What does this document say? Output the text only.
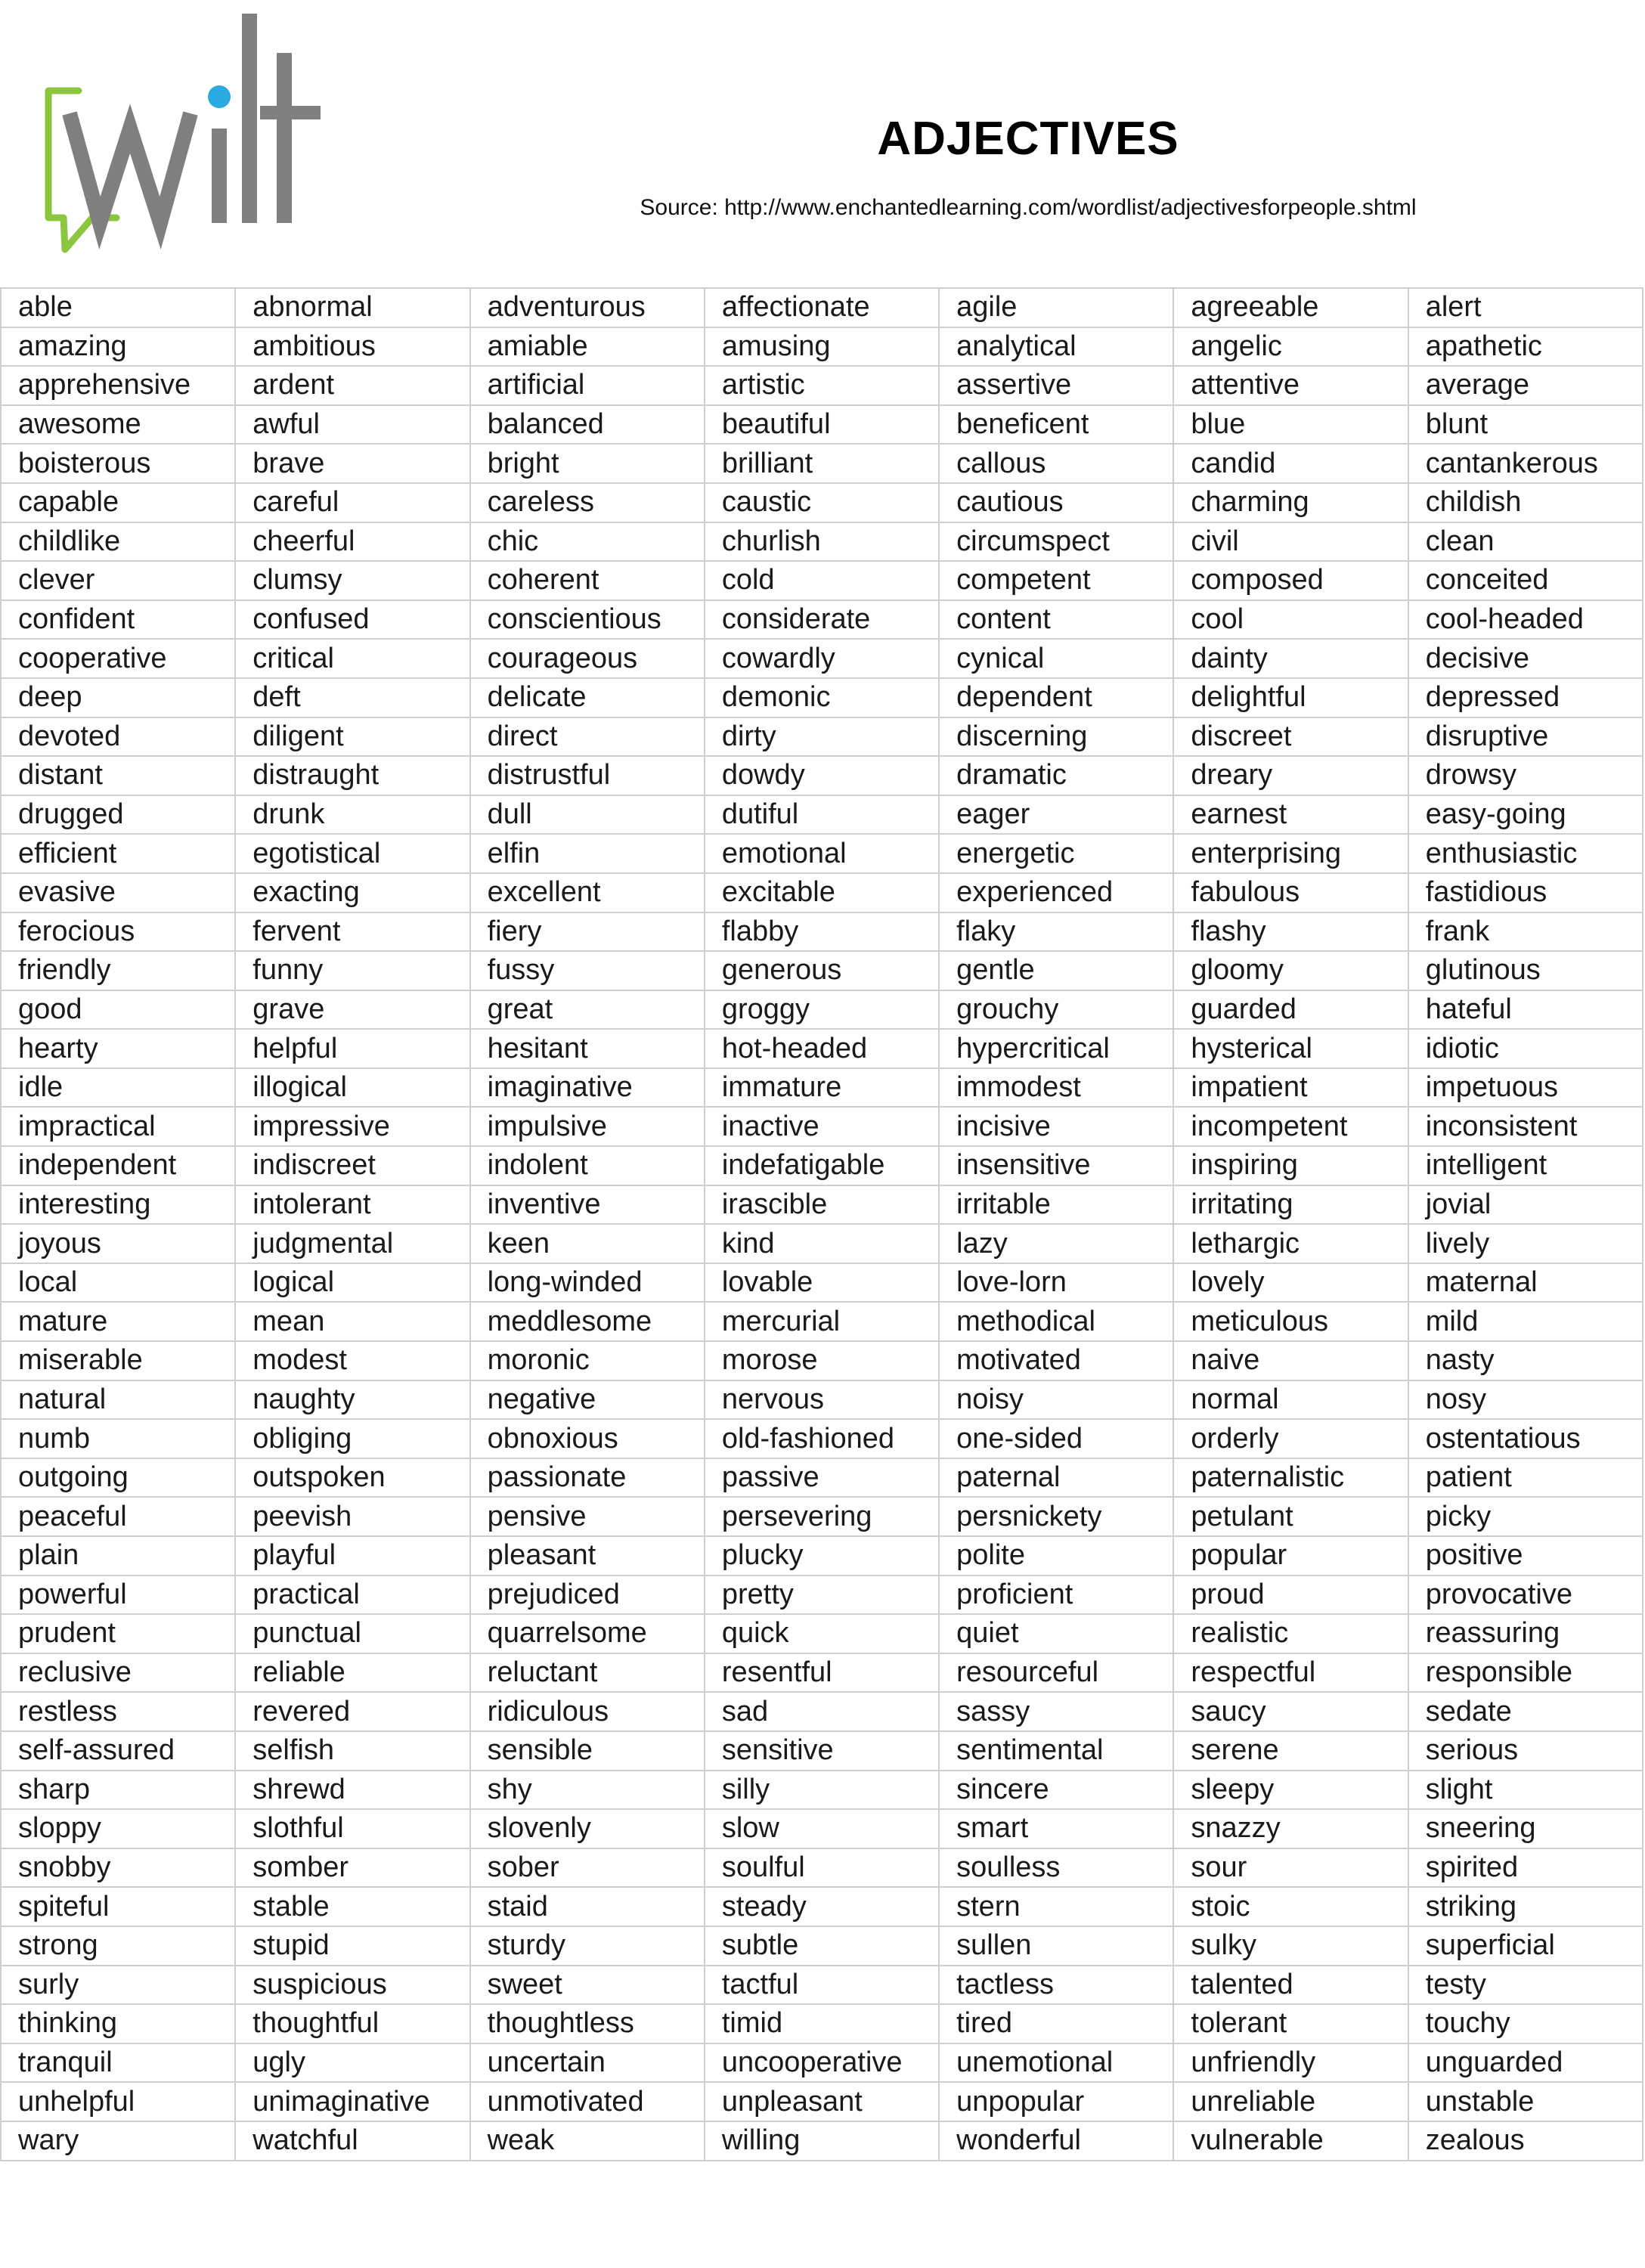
ADJECTIVES
Source: http://www.enchantedlearning.com/wordlist/adjectivesforpeople.shtml
able	abnormal	adventurous	affectionate	agile	agreeable	alert
amazing	ambitious	amiable	amusing	analytical	angelic	apathetic
apprehensive	ardent	artificial	artistic	assertive	attentive	average
awesome	awful	balanced	beautiful	beneficent	blue	blunt
boisterous	brave	bright	brilliant	callous	candid	cantankerous
capable	careful	careless	caustic	cautious	charming	childish
childlike	cheerful	chic	churlish	circumspect	civil	clean
clever	clumsy	coherent	cold	competent	composed	conceited
confident	confused	conscientious	considerate	content	cool	cool-headed
cooperative	critical	courageous	cowardly	cynical	dainty	decisive
deep	deft	delicate	demonic	dependent	delightful	depressed
devoted	diligent	direct	dirty	discerning	discreet	disruptive
distant	distraught	distrustful	dowdy	dramatic	dreary	drowsy
drugged	drunk	dull	dutiful	eager	earnest	easy-going
efficient	egotistical	elfin	emotional	energetic	enterprising	enthusiastic
evasive	exacting	excellent	excitable	experienced	fabulous	fastidious
ferocious	fervent	fiery	flabby	flaky	flashy	frank
friendly	funny	fussy	generous	gentle	gloomy	glutinous
good	grave	great	groggy	grouchy	guarded	hateful
hearty	helpful	hesitant	hot-headed	hypercritical	hysterical	idiotic
idle	illogical	imaginative	immature	immodest	impatient	impetuous
impractical	impressive	impulsive	inactive	incisive	incompetent	inconsistent
independent	indiscreet	indolent	indefatigable	insensitive	inspiring	intelligent
interesting	intolerant	inventive	irascible	irritable	irritating	jovial
joyous	judgmental	keen	kind	lazy	lethargic	lively
local	logical	long-winded	lovable	love-lorn	lovely	maternal
mature	mean	meddlesome	mercurial	methodical	meticulous	mild
miserable	modest	moronic	morose	motivated	naive	nasty
natural	naughty	negative	nervous	noisy	normal	nosy
numb	obliging	obnoxious	old-fashioned	one-sided	orderly	ostentatious
outgoing	outspoken	passionate	passive	paternal	paternalistic	patient
peaceful	peevish	pensive	persevering	persnickety	petulant	picky
plain	playful	pleasant	plucky	polite	popular	positive
powerful	practical	prejudiced	pretty	proficient	proud	provocative
prudent	punctual	quarrelsome	quick	quiet	realistic	reassuring
reclusive	reliable	reluctant	resentful	resourceful	respectful	responsible
restless	revered	ridiculous	sad	sassy	saucy	sedate
self-assured	selfish	sensible	sensitive	sentimental	serene	serious
sharp	shrewd	shy	silly	sincere	sleepy	slight
sloppy	slothful	slovenly	slow	smart	snazzy	sneering
snobby	somber	sober	soulful	soulless	sour	spirited
spiteful	stable	staid	steady	stern	stoic	striking
strong	stupid	sturdy	subtle	sullen	sulky	superficial
surly	suspicious	sweet	tactful	tactless	talented	testy
thinking	thoughtful	thoughtless	timid	tired	tolerant	touchy
tranquil	ugly	uncertain	uncooperative	unemotional	unfriendly	unguarded
unhelpful	unimaginative	unmotivated	unpleasant	unpopular	unreliable	unstable
wary	watchful	weak	willing	wonderful	vulnerable	zealous
